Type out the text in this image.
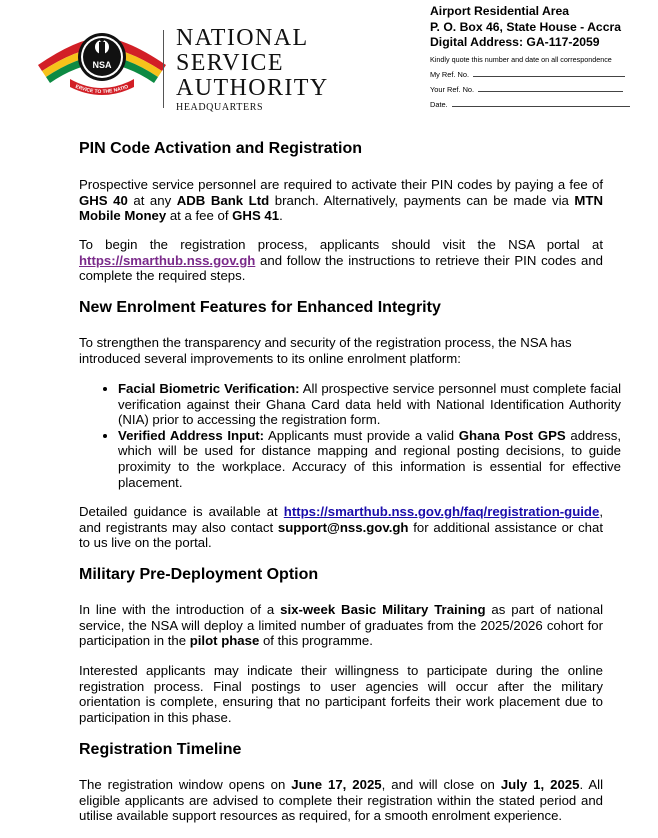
NSA
ERVICE TO THE NATIO
NATIONAL
SERVICE
AUTHORITY
HEADQUARTERS
Airport Residential Area
P. O. Box 46, State House - Accra
Digital Address: GA-117-2059
Kindly quote this number and date on all correspondence
My Ref. No.
Your Ref. No.
Date.
PIN Code Activation and Registration

Prospective service personnel are required to activate their PIN codes by paying a fee of GHS 40 at any ADB Bank Ltd branch. Alternatively, payments can be made via MTN Mobile Money at a fee of GHS 41.

To begin the registration process, applicants should visit the NSA portal at https://smarthub.nss.gov.gh and follow the instructions to retrieve their PIN codes and complete the required steps.

New Enrolment Features for Enhanced Integrity

To strengthen the transparency and security of the registration process, the NSA has introduced several improvements to its online enrolment platform:

• Facial Biometric Verification: All prospective service personnel must complete facial verification against their Ghana Card data held with National Identification Authority (NIA) prior to accessing the registration form.
• Verified Address Input: Applicants must provide a valid Ghana Post GPS address, which will be used for distance mapping and regional posting decisions, to guide proximity to the workplace. Accuracy of this information is essential for effective placement.

Detailed guidance is available at https://smarthub.nss.gov.gh/faq/registration-guide, and registrants may also contact support@nss.gov.gh for additional assistance or chat to us live on the portal.

Military Pre-Deployment Option

In line with the introduction of a six-week Basic Military Training as part of national service, the NSA will deploy a limited number of graduates from the 2025/2026 cohort for participation in the pilot phase of this programme.

Interested applicants may indicate their willingness to participate during the online registration process. Final postings to user agencies will occur after the military orientation is complete, ensuring that no participant forfeits their work placement due to participation in this phase.

Registration Timeline

The registration window opens on June 17, 2025, and will close on July 1, 2025. All eligible applicants are advised to complete their registration within the stated period and utilise available support resources as required, for a smooth enrolment experience.
